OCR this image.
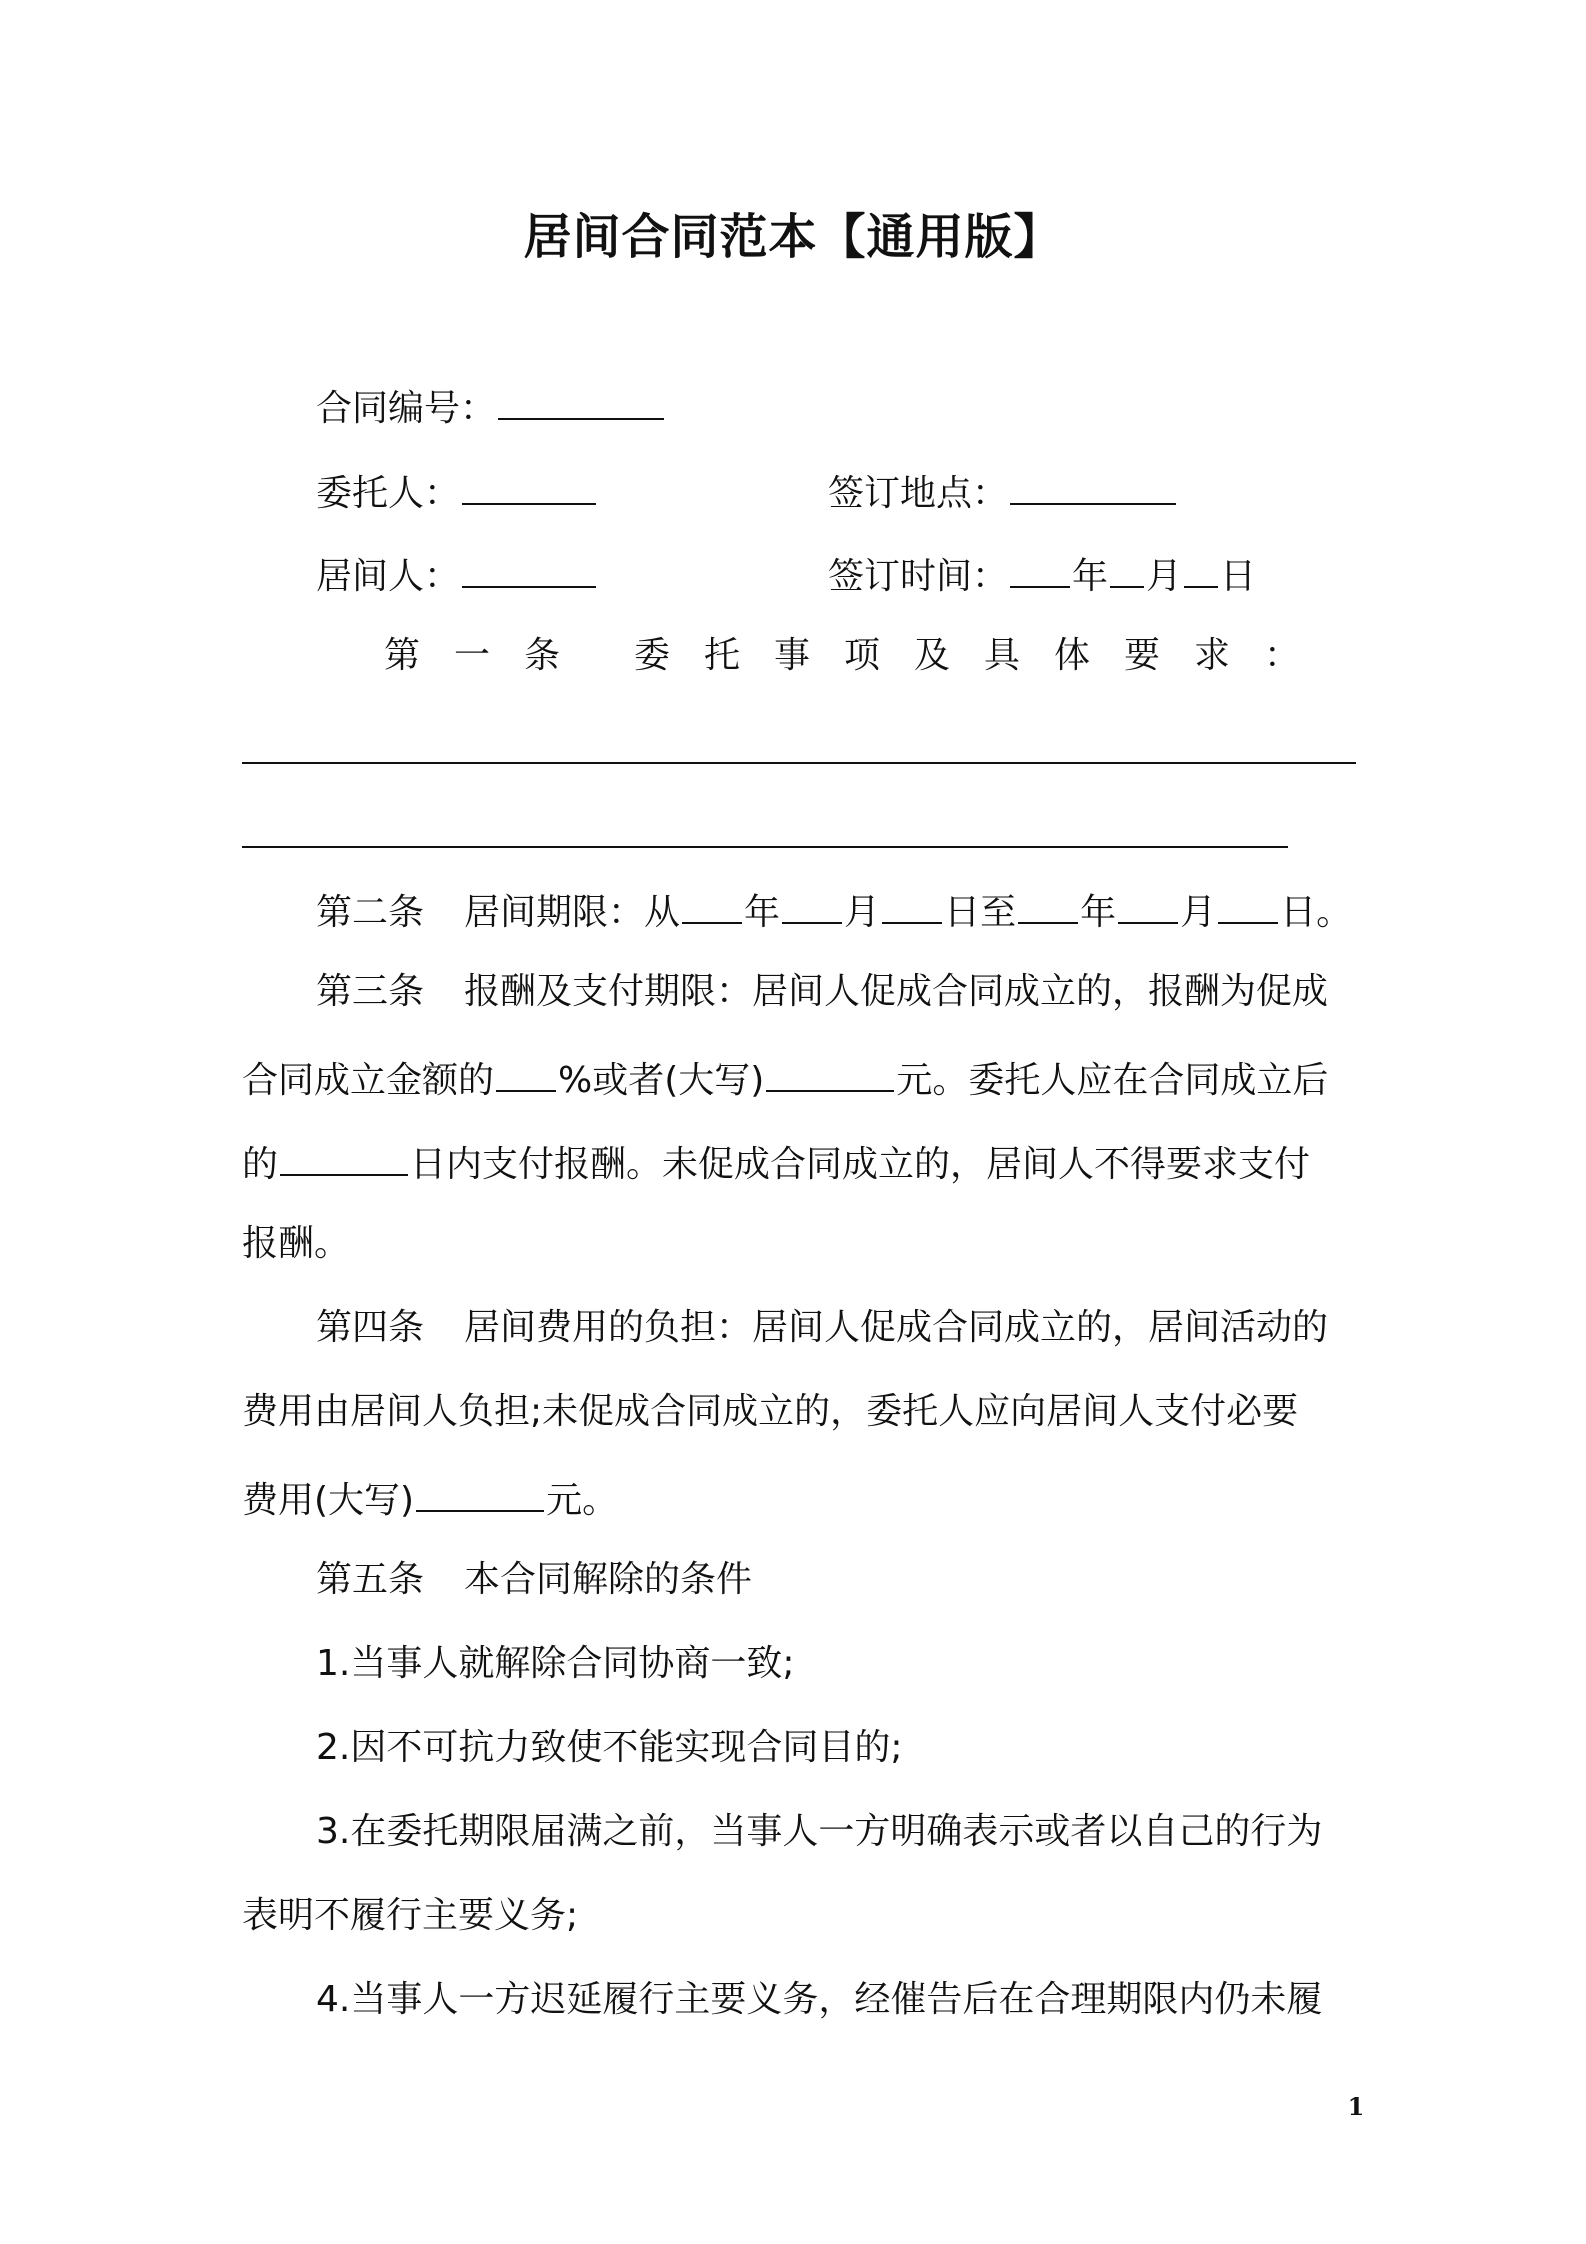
居间合同范本【通用版】
合同编号：
委托人：	签订地点：
居间人：	签订时间： 年 月 日
第一条 委托事项及具体要求：
第二条 居间期限：从 年 月 日至 年 月 日。
第三条 报酬及支付期限：居间人促成合同成立的，报酬为促成
合同成立金额的 %或者(大写)	元。委托人应在合同成立后
的	日内支付报酬。未促成合同成立的，居间人不得要求支付
报酬。
第四条 居间费用的负担：居间人促成合同成立的，居间活动的
费用由居间人负担;未促成合同成立的，委托人应向居间人支付必要
费用(大写)	元。
第五条 本合同解除的条件
1.当事人就解除合同协商一致;
2.因不可抗力致使不能实现合同目的;
3.在委托期限届满之前，当事人一方明确表示或者以自己的行为
表明不履行主要义务;
4.当事人一方迟延履行主要义务，经催告后在合理期限内仍未履
1
